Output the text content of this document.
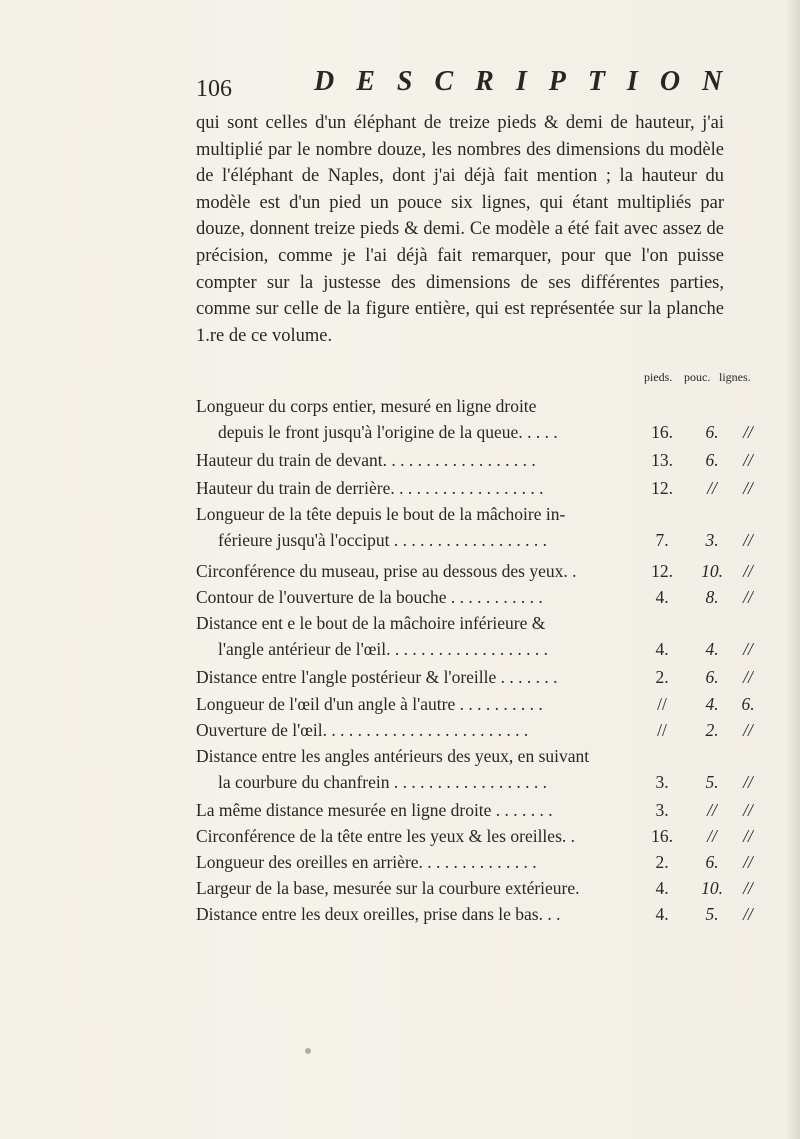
106	DESCRIPTION

qui sont celles d'un éléphant de treize pieds & demi de hauteur, j'ai multiplié par le nombre douze, les nombres des dimensions du modèle de l'éléphant de Naples, dont j'ai déjà fait mention ; la hauteur du modèle est d'un pied un pouce six lignes, qui étant multipliés par douze, donnent treize pieds & demi. Ce modèle a été fait avec assez de précision, comme je l'ai déjà fait remarquer, pour que l'on puisse compter sur la justesse des dimensions de ses différentes parties, comme sur celle de la figure entière, qui est représentée sur la planche 1.re de ce volume.

pieds. pouc. lignes.
Longueur du corps entier, mesuré en ligne droite
depuis le front jusqu'à l'origine de la queue. . . . .	16.	6.	//
Hauteur du train de devant. . . . . . . . . . . . . . . . . .	13.	6.	//
Hauteur du train de derrière. . . . . . . . . . . . . . . . . .	12.	//	//
Longueur de la tête depuis le bout de la mâchoire in-
férieure jusqu'à l'occiput . . . . . . . . . . . . . . . . . .	7.	3.	//
Circonférence du museau, prise au dessous des yeux. .	12.	10.	//
Contour de l'ouverture de la bouche . . . . . . . . . . .	4.	8.	//
Distance ent e le bout de la mâchoire inférieure &
l'angle antérieur de l'œil. . . . . . . . . . . . . . . . . . .	4.	4.	//
Distance entre l'angle postérieur & l'oreille . . . . . . .	2.	6.	//
Longueur de l'œil d'un angle à l'autre . . . . . . . . . .	//	4.	6.
Ouverture de l'œil. . . . . . . . . . . . . . . . . . . . . . . .	//	2.	//
Distance entre les angles antérieurs des yeux, en suivant
la courbure du chanfrein . . . . . . . . . . . . . . . . . .	3.	5.	//
La même distance mesurée en ligne droite . . . . . . .	3.	//	//
Circonférence de la tête entre les yeux & les oreilles. .	16.	//	//
Longueur des oreilles en arrière. . . . . . . . . . . . . .	2.	6.	//
Largeur de la base, mesurée sur la courbure extérieure.	4.	10.	//
Distance entre les deux oreilles, prise dans le bas. . .	4.	5.	//
